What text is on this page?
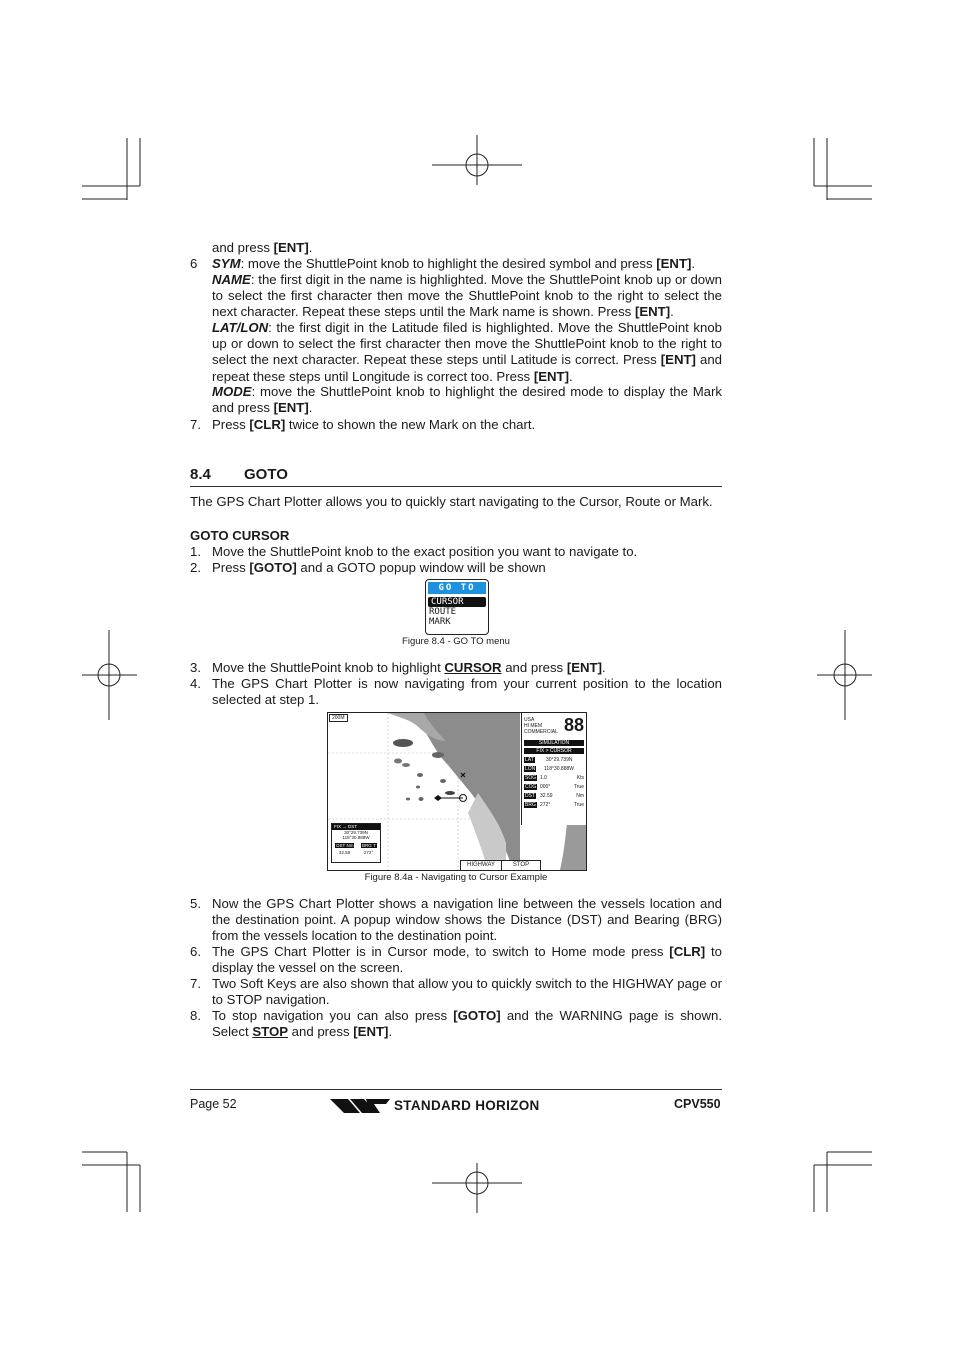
and press [ENT].
6 SYM: move the ShuttlePoint knob to highlight the desired symbol and press [ENT].
NAME: the first digit in the name is highlighted. Move the ShuttlePoint knob up or down to select the first character then move the ShuttlePoint knob to the right to select the next character. Repeat these steps until the Mark name is shown. Press [ENT].
LAT/LON: the first digit in the Latitude filed is highlighted. Move the ShuttlePoint knob up or down to select the first character then move the ShuttlePoint knob to the right to select the next character. Repeat these steps until Latitude is correct. Press [ENT] and repeat these steps until Longitude is correct too. Press [ENT].
MODE: move the ShuttlePoint knob to highlight the desired mode to display the Mark and press [ENT].
7. Press [CLR] twice to shown the new Mark on the chart.
8.4 GOTO
The GPS Chart Plotter allows you to quickly start navigating to the Cursor, Route or Mark.
GOTO CURSOR
1. Move the ShuttlePoint knob to the exact position you want to navigate to.
2. Press [GOTO] and a GOTO popup window will be shown
GO TO
CURSOR
ROUTE
MARK
Figure 8.4 - GO TO menu
3. Move the ShuttlePoint knob to highlight CURSOR and press [ENT].
4. The GPS Chart Plotter is now navigating from your current position to the location selected at step 1.
200M	USA
HI MEM
COMMERCIAL 88
SIMULATION
FIX > CURSOR
LAT 30°29.739N
LON 118°30.888W
SOG 1.0	Kts
COG 000°	True
DST 32.59	Nm
BRG 272°	True
FIX → DST
30°29.739N
118°30.888W
DST Nm BRG T
32.59	272°
HIGHWAY	STOP
Figure 8.4a - Navigating to Cursor Example
5. Now the GPS Chart Plotter shows a navigation line between the vessels location and the destination point. A popup window shows the Distance (DST) and Bearing (BRG) from the vessels location to the destination point.
6. The GPS Chart Plotter is in Cursor mode, to switch to Home mode press [CLR] to display the vessel on the screen.
7. Two Soft Keys are also shown that allow you to quickly switch to the HIGHWAY page or to STOP navigation.
8. To stop navigation you can also press [GOTO] and the WARNING page is shown. Select STOP and press [ENT].
Page 52	STANDARD HORIZON	CPV550
